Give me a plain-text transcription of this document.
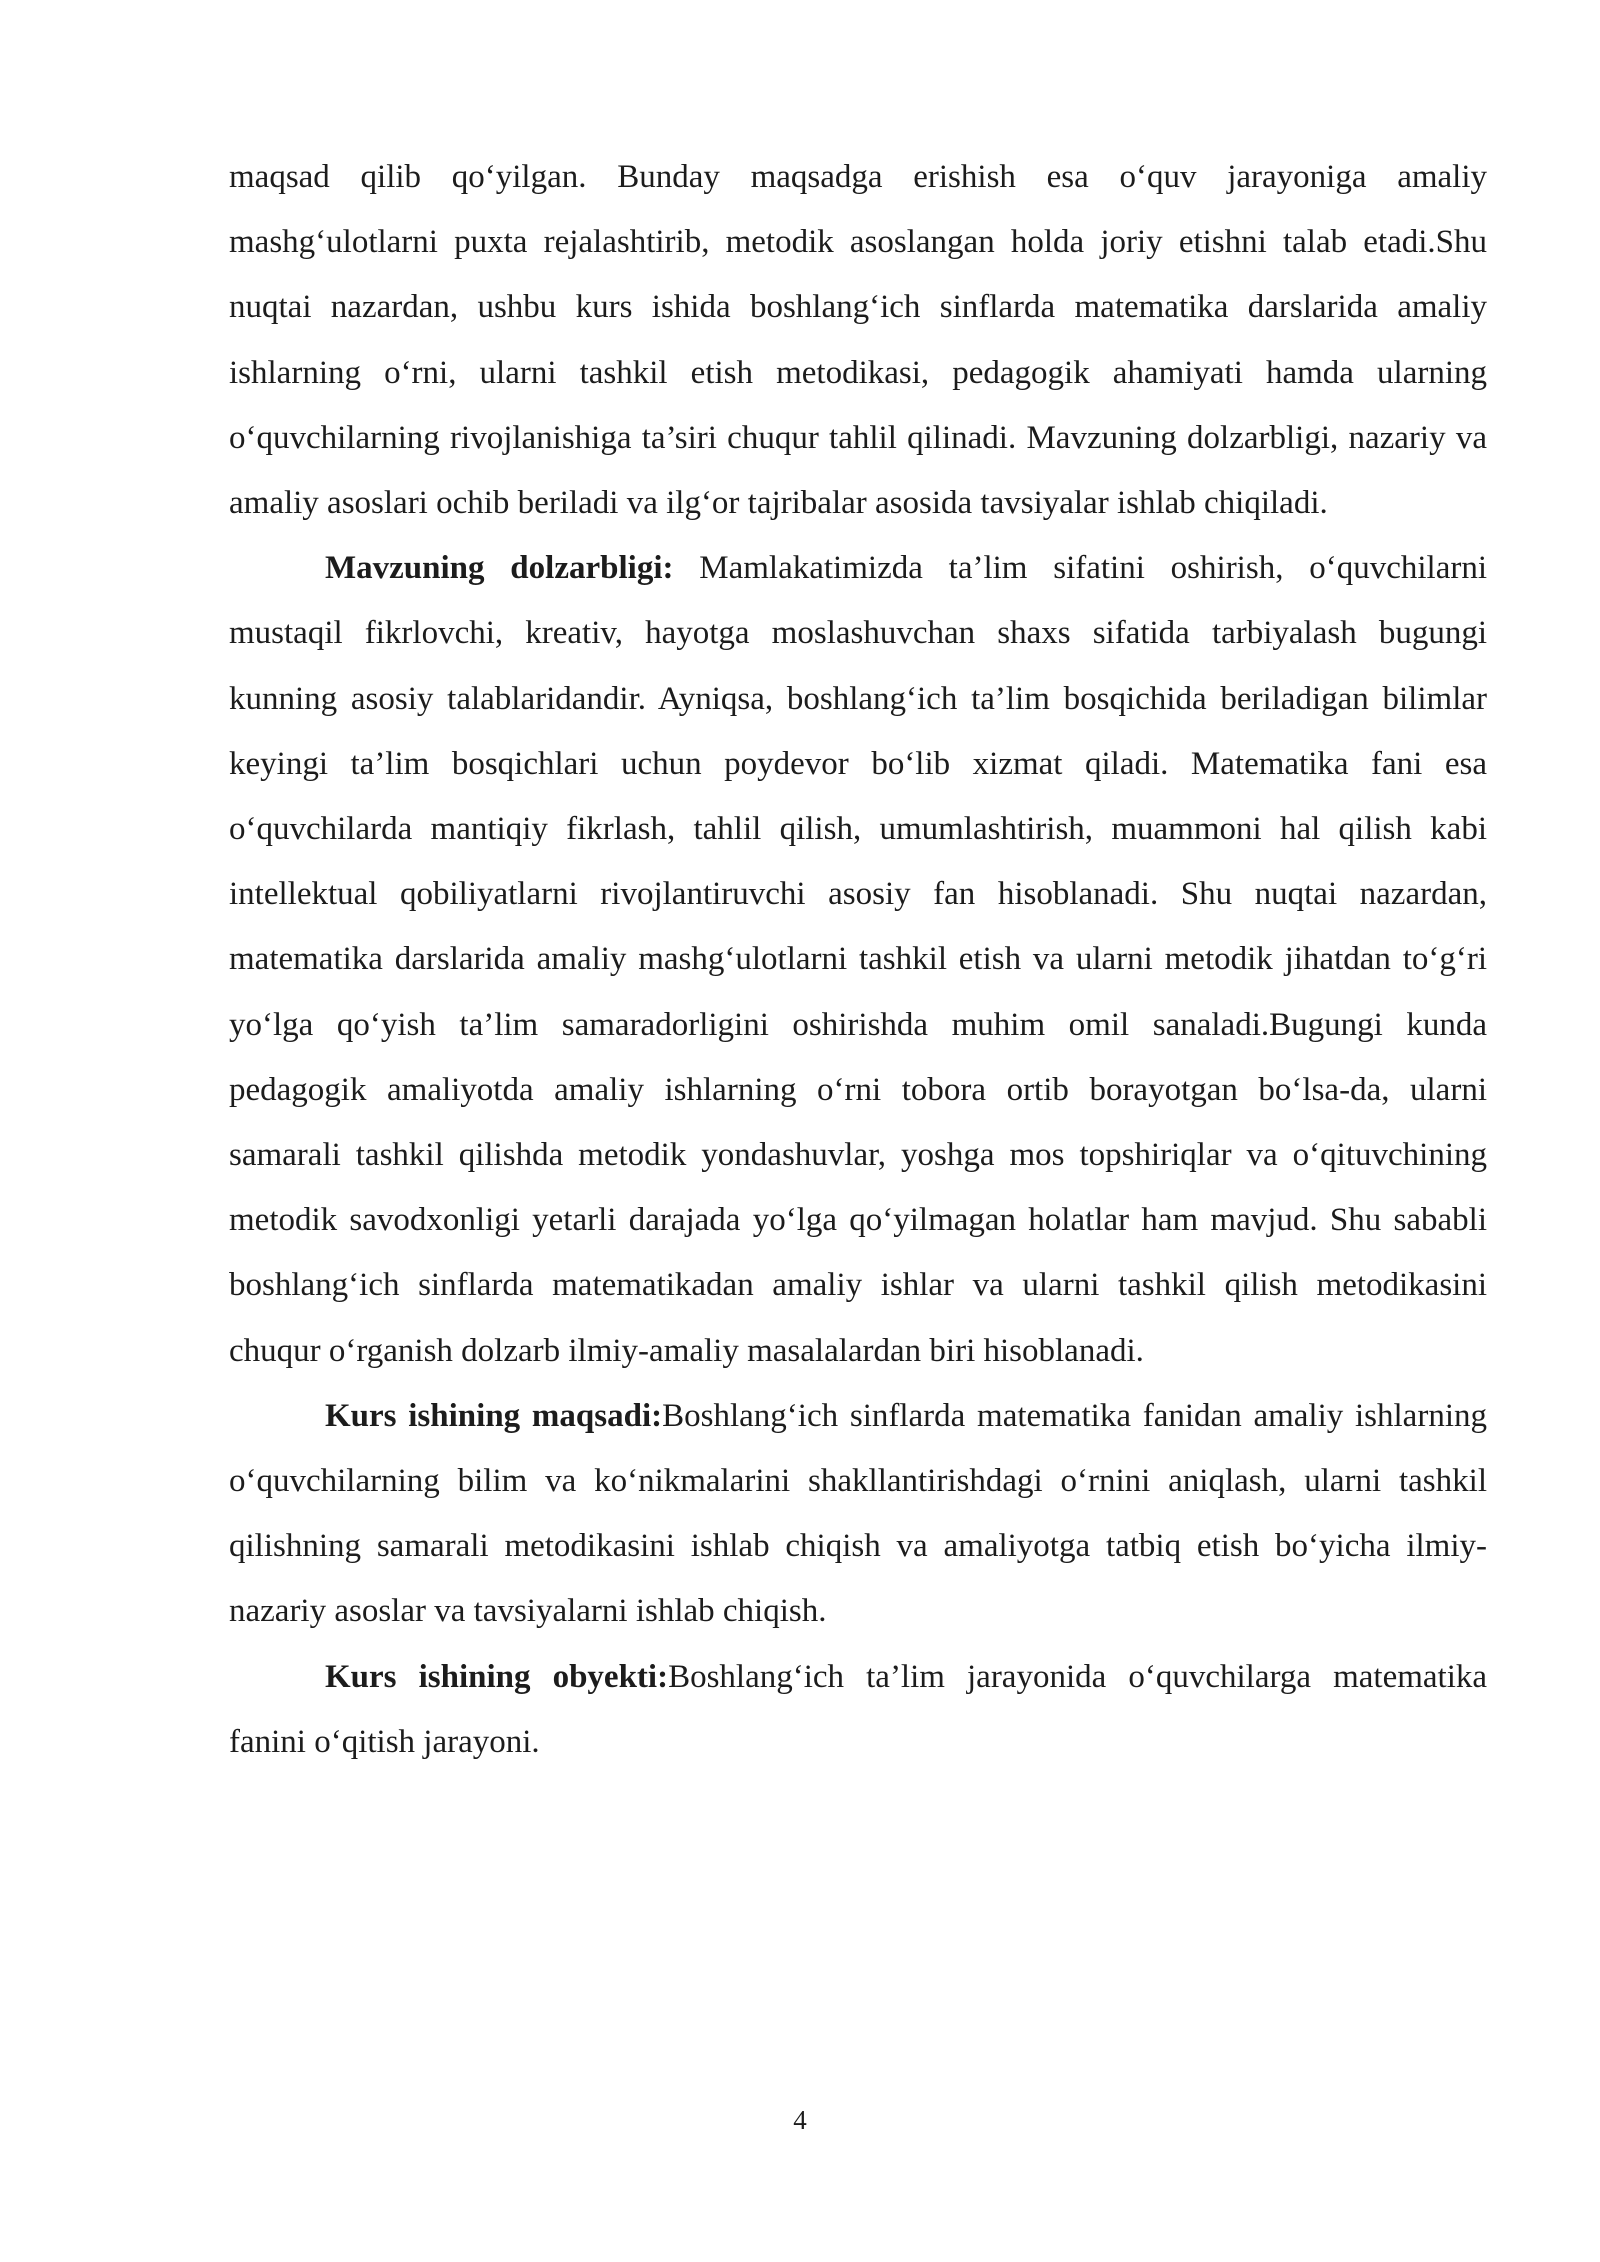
maqsad qilib qo‘yilgan. Bunday maqsadga erishish esa o‘quv jarayoniga amaliy mashg‘ulotlarni puxta rejalashtirib, metodik asoslangan holda joriy etishni talab etadi.Shu nuqtai nazardan, ushbu kurs ishida boshlang‘ich sinflarda matematika darslarida amaliy ishlarning o‘rni, ularni tashkil etish metodikasi, pedagogik ahamiyati hamda ularning o‘quvchilarning rivojlanishiga ta’siri chuqur tahlil qilinadi. Mavzuning dolzarbligi, nazariy va amaliy asoslari ochib beriladi va ilg‘or tajribalar asosida tavsiyalar ishlab chiqiladi.

Mavzuning dolzarbligi: Mamlakatimizda ta’lim sifatini oshirish, o‘quvchilarni mustaqil fikrlovchi, kreativ, hayotga moslashuvchan shaxs sifatida tarbiyalash bugungi kunning asosiy talablaridandir. Ayniqsa, boshlang‘ich ta’lim bosqichida beriladigan bilimlar keyingi ta’lim bosqichlari uchun poydevor bo‘lib xizmat qiladi. Matematika fani esa o‘quvchilarda mantiqiy fikrlash, tahlil qilish, umumlashtirish, muammoni hal qilish kabi intellektual qobiliyatlarni rivojlantiruvchi asosiy fan hisoblanadi. Shu nuqtai nazardan, matematika darslarida amaliy mashg‘ulotlarni tashkil etish va ularni metodik jihatdan to‘g‘ri yo‘lga qo‘yish ta’lim samaradorligini oshirishda muhim omil sanaladi.Bugungi kunda pedagogik amaliyotda amaliy ishlarning o‘rni tobora ortib borayotgan bo‘lsa-da, ularni samarali tashkil qilishda metodik yondashuvlar, yoshga mos topshiriqlar va o‘qituvchining metodik savodxonligi yetarli darajada yo‘lga qo‘yilmagan holatlar ham mavjud. Shu sababli boshlang‘ich sinflarda matematikadan amaliy ishlar va ularni tashkil qilish metodikasini chuqur o‘rganish dolzarb ilmiy-amaliy masalalardan biri hisoblanadi.

Kurs ishining maqsadi:Boshlang‘ich sinflarda matematika fanidan amaliy ishlarning o‘quvchilarning bilim va ko‘nikmalarini shakllantirishdagi o‘rnini aniqlash, ularni tashkil qilishning samarali metodikasini ishlab chiqish va amaliyotga tatbiq etish bo‘yicha ilmiy-nazariy asoslar va tavsiyalarni ishlab chiqish.

Kurs ishining obyekti:Boshlang‘ich ta’lim jarayonida o‘quvchilarga matematika fanini o‘qitish jarayoni.

4
